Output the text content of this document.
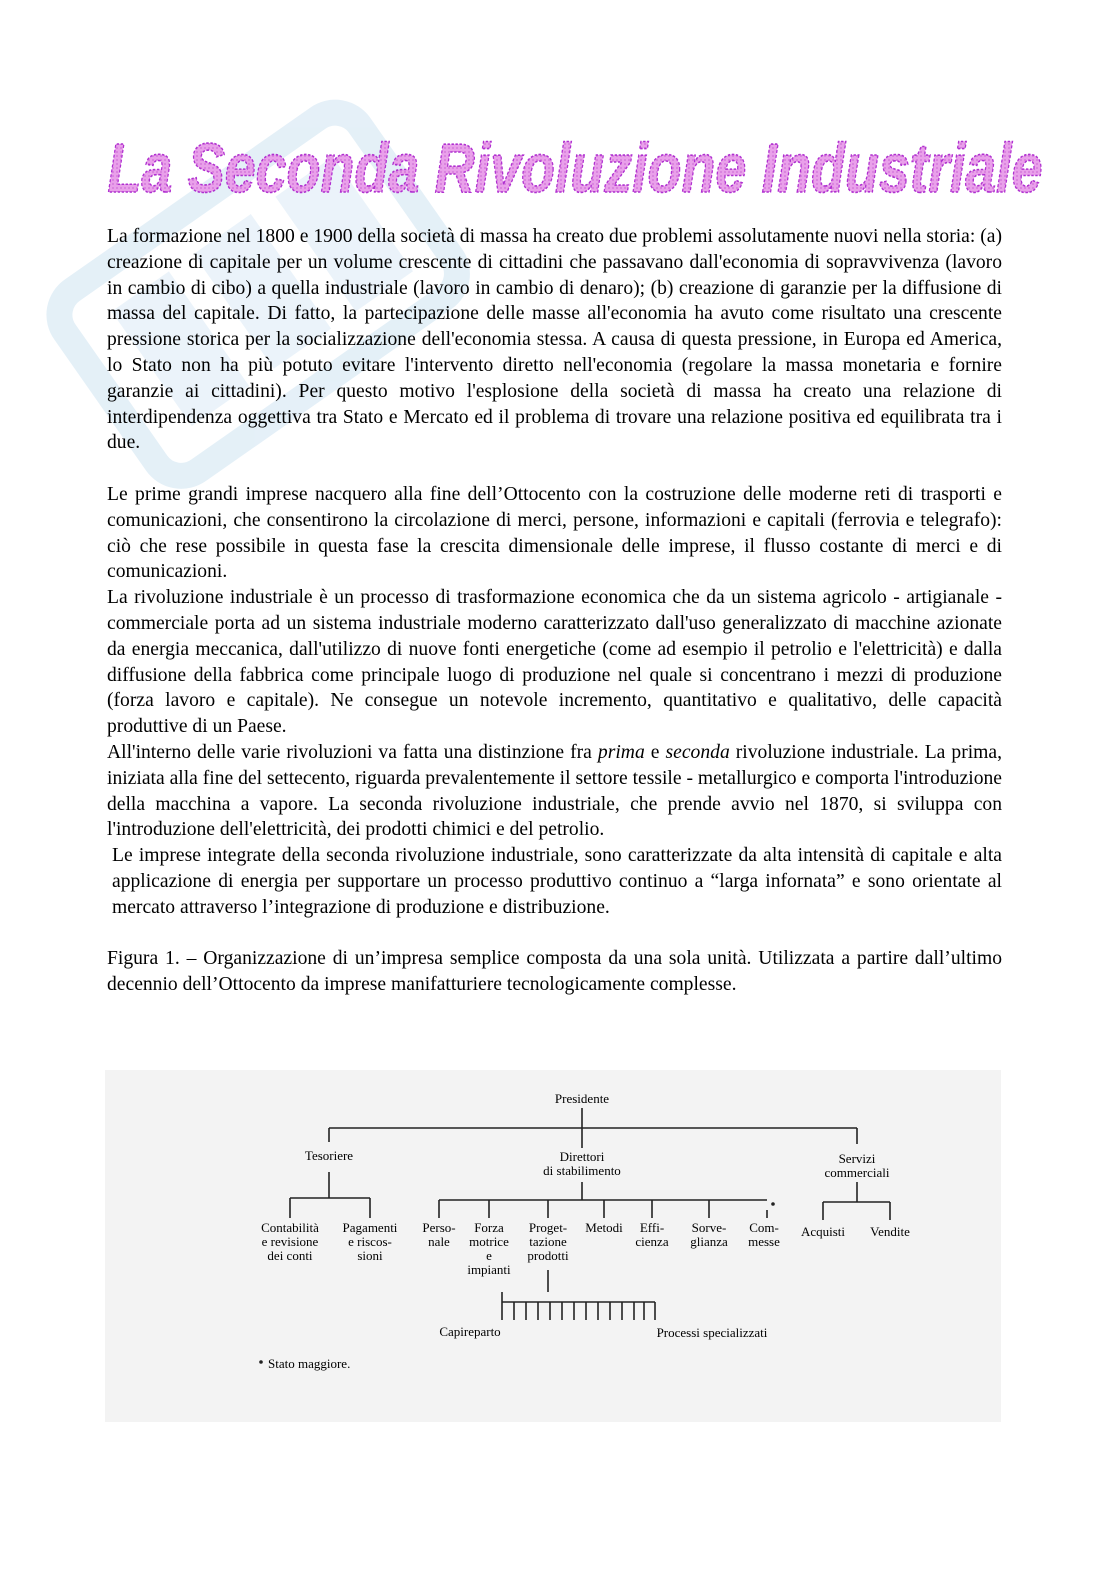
La Seconda Rivoluzione Industriale

La formazione nel 1800 e 1900 della società di massa ha creato due problemi assolutamente nuovi nella storia: (a) creazione di capitale per un volume crescente di cittadini che passavano dall'economia di sopravvivenza (lavoro in cambio di cibo) a quella industriale (lavoro in cambio di denaro); (b) creazione di garanzie per la diffusione di massa del capitale. Di fatto, la partecipazione delle masse all'economia ha avuto come risultato una crescente pressione storica per la socializzazione dell'economia stessa. A causa di questa pressione, in Europa ed America, lo Stato non ha più potuto evitare l'intervento diretto nell'economia (regolare la massa monetaria e fornire garanzie ai cittadini). Per questo motivo l'esplosione della società di massa ha creato una relazione di interdipendenza oggettiva tra Stato e Mercato ed il problema di trovare una relazione positiva ed equilibrata tra i due.

Le prime grandi imprese nacquero alla fine dell’Ottocento con la costruzione delle moderne reti di trasporti e comunicazioni, che consentirono la circolazione di merci, persone, informazioni e capitali (ferrovia e telegrafo): ciò che rese possibile in questa fase la crescita dimensionale delle imprese, il flusso costante di merci e di comunicazioni.

La rivoluzione industriale è un processo di trasformazione economica che da un sistema agricolo - artigianale - commerciale porta ad un sistema industriale moderno caratterizzato dall'uso generalizzato di macchine azionate da energia meccanica, dall'utilizzo di nuove fonti energetiche (come ad esempio il petrolio e l'elettricità) e dalla diffusione della fabbrica come principale luogo di produzione nel quale si concentrano i mezzi di produzione (forza lavoro e capitale). Ne consegue un notevole incremento, quantitativo e qualitativo, delle capacità produttive di un Paese.

All'interno delle varie rivoluzioni va fatta una distinzione fra prima e seconda rivoluzione industriale. La prima, iniziata alla fine del settecento, riguarda prevalentemente il settore tessile - metallurgico e comporta l'introduzione della macchina a vapore. La seconda rivoluzione industriale, che prende avvio nel 1870, si sviluppa con l'introduzione dell'elettricità, dei prodotti chimici e del petrolio.

Le imprese integrate della seconda rivoluzione industriale, sono caratterizzate da alta intensità di capitale e alta applicazione di energia per supportare un processo produttivo continuo a “larga infornata” e sono orientate al mercato attraverso l’integrazione di produzione e distribuzione.

Figura 1. – Organizzazione di un’impresa semplice composta da una sola unità. Utilizzata a partire dall’ultimo decennio dell’Ottocento da imprese manifatturiere tecnologicamente complesse.

Presidente
Tesoriere	Direttori
di stabilimento
Servizi
commerciali
Contabilità
e revisione
dei conti
Pagamenti
e riscos-
sioni
Perso-
nale
Forza
motrice
e
impianti
Proget-
tazione
prodotti
Metodi Effi-
cienza
Sorve-
glianza
Com-
messe
Acquisti Vendite
Capireparto	Processi specializzati
Stato maggiore.
